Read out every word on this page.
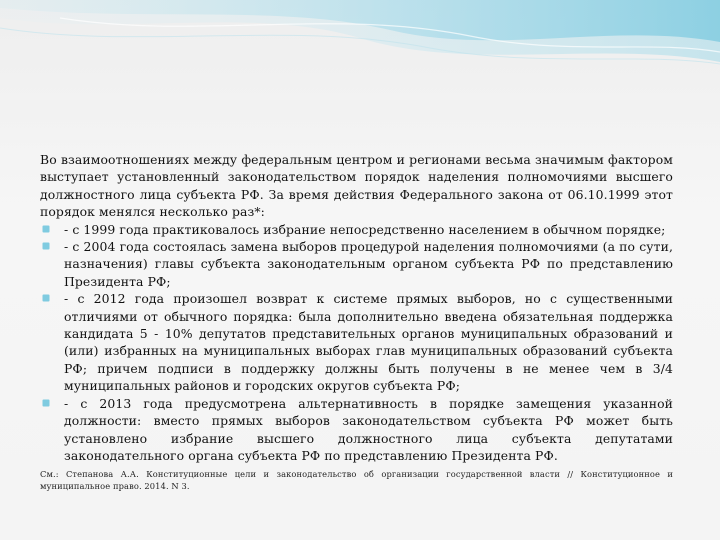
Во взаимоотношениях между федеральным центром и регионами весьма значимым фактором выступает установленный законодательством порядок наделения полномочиями высшего должностного лица субъекта РФ. За время действия Федерального закона от 06.10.1999 этот порядок менялся несколько раз*:

- с 1999 года практиковалось избрание непосредственно населением в обычном порядке;
- с 2004 года состоялась замена выборов процедурой наделения полномочиями (а по сути, назначения) главы субъекта законодательным органом субъекта РФ по представлению Президента РФ;
- с 2012 года произошел возврат к системе прямых выборов, но с существенными отличиями от обычного порядка: была дополнительно введена обязательная поддержка кандидата 5 - 10% депутатов представительных органов муниципальных образований и (или) избранных на муниципальных выборах глав муниципальных образований субъекта РФ; причем подписи в поддержку должны быть получены в не менее чем в 3/4 муниципальных районов и городских округов субъекта РФ;
- с 2013 года предусмотрена альтернативность в порядке замещения указанной должности: вместо прямых выборов законодательством субъекта РФ может быть установлено избрание высшего должностного лица субъекта депутатами законодательного органа субъекта РФ по представлению Президента РФ.

См.: Степанова А.А. Конституционные цели и законодательство об организации государственной власти // Конституционное и муниципальное право. 2014. N 3.
